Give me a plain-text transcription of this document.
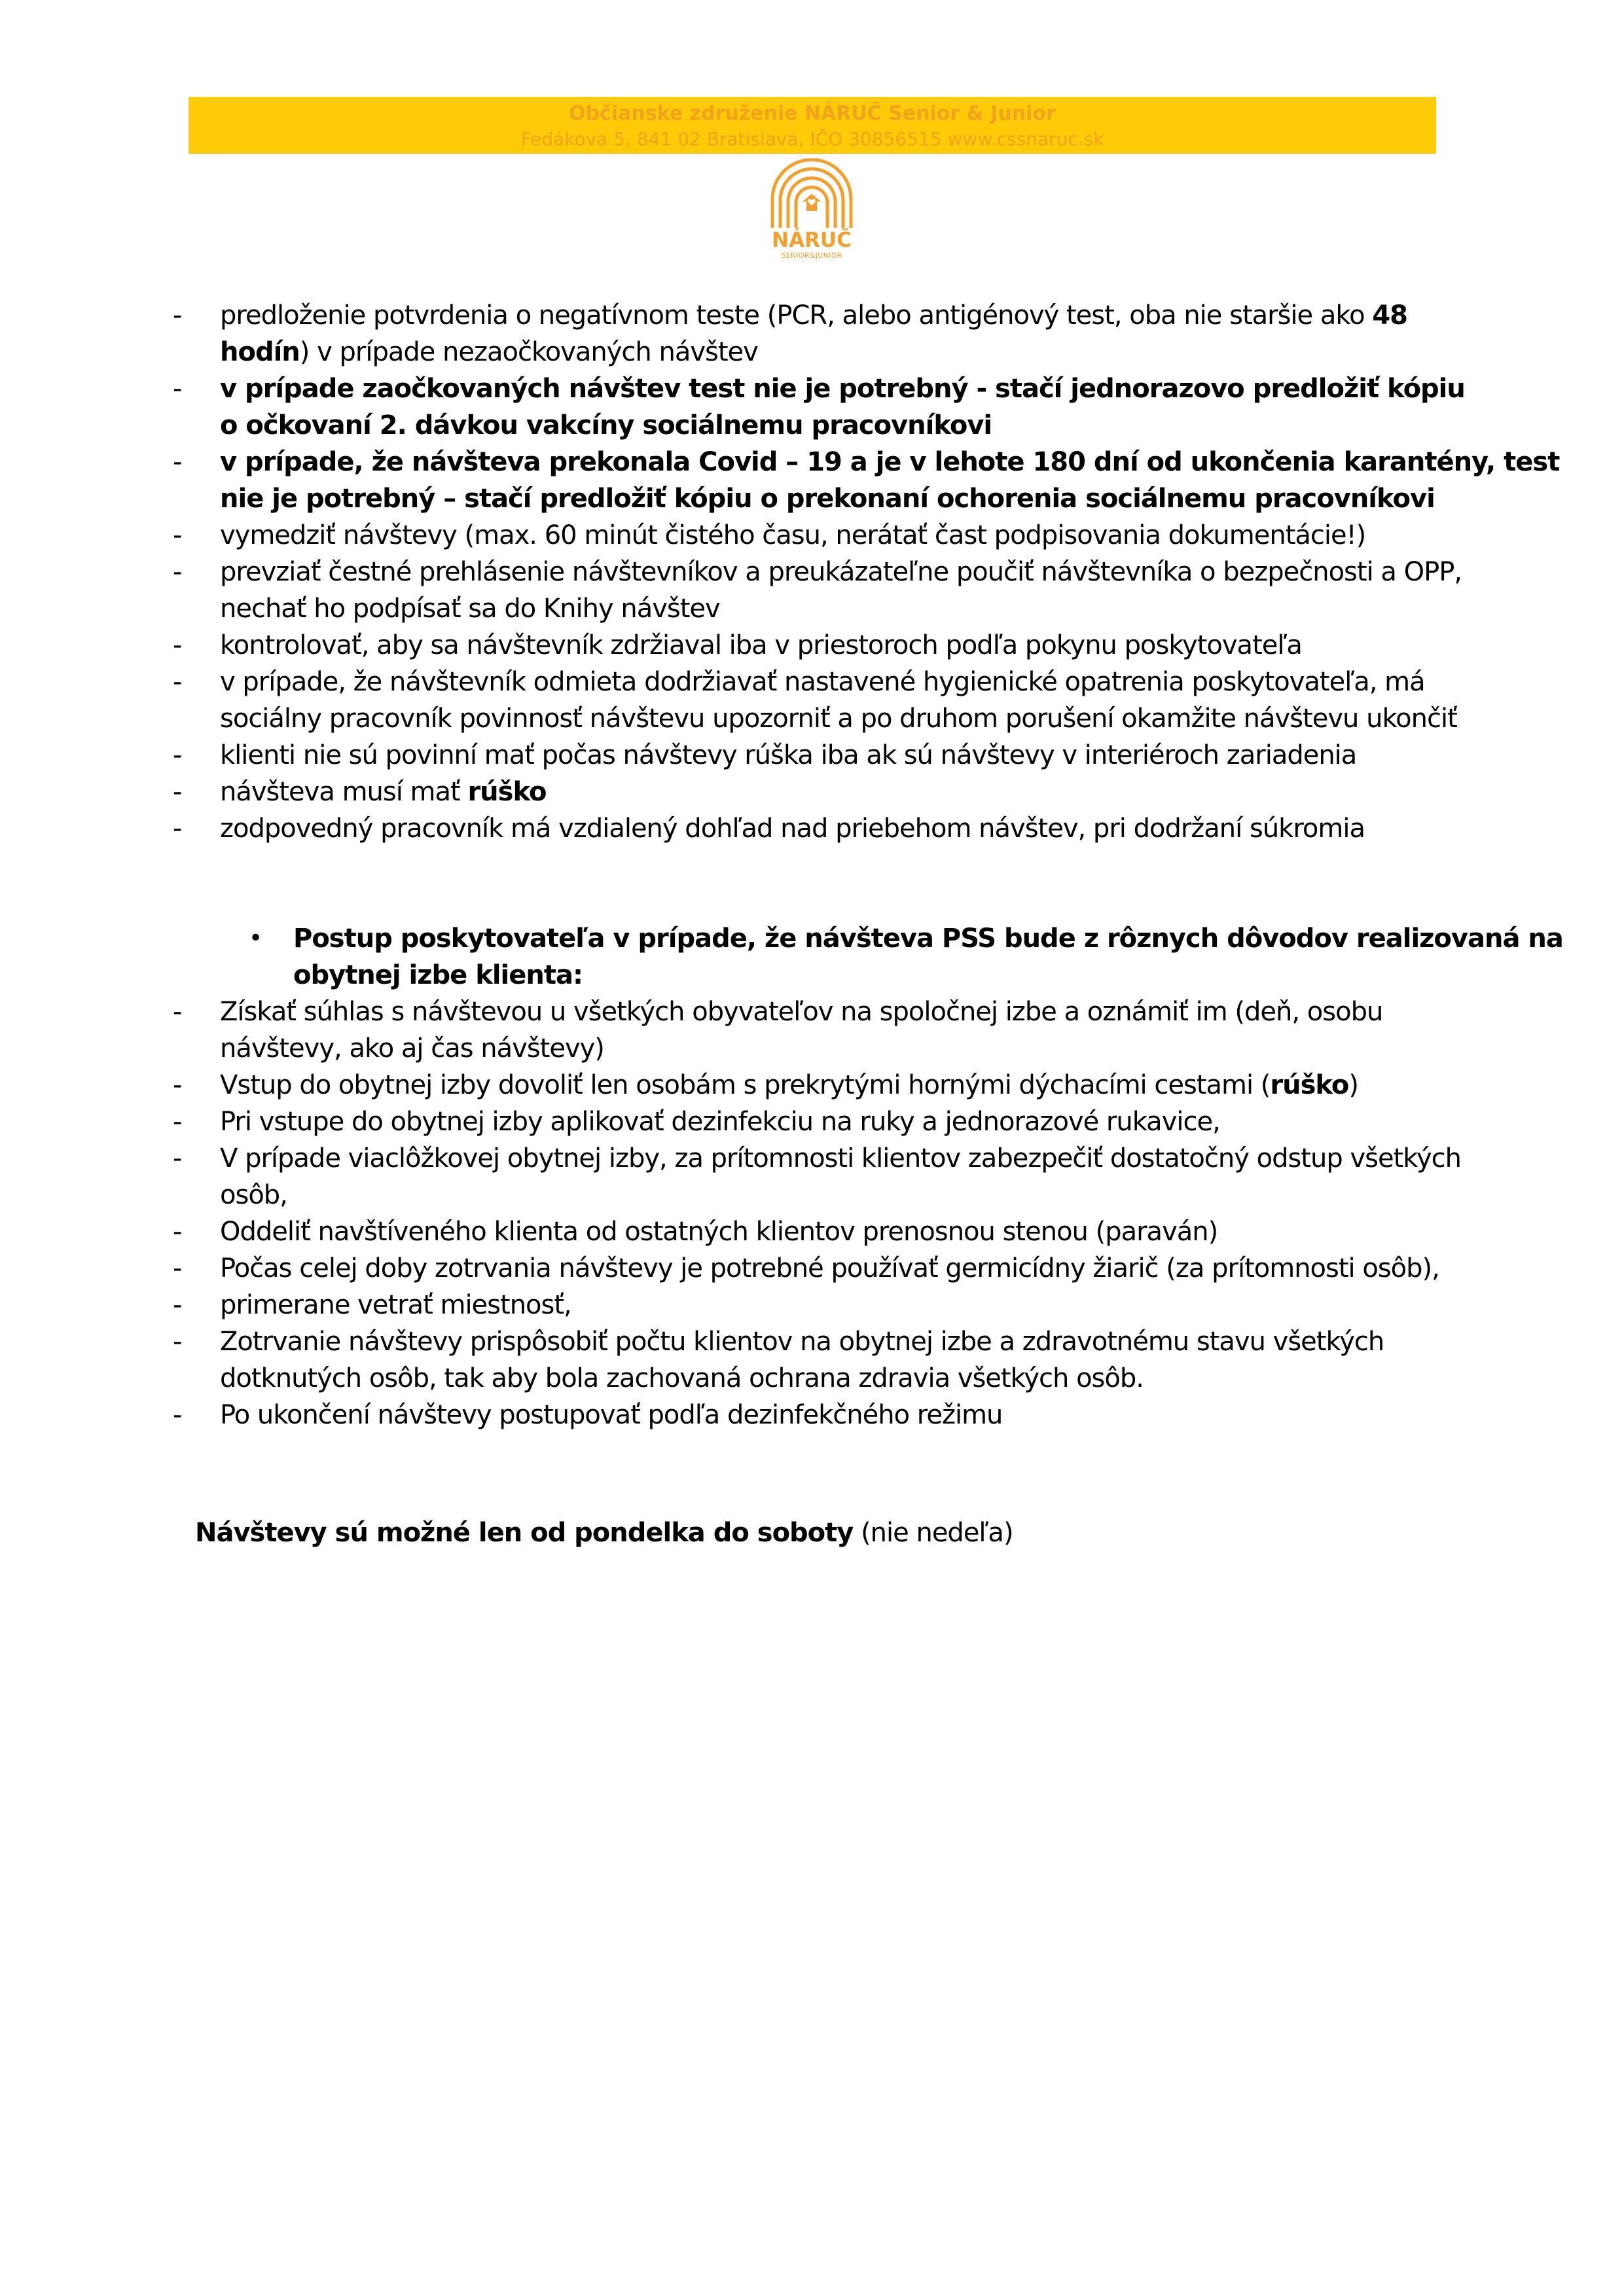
Občianske združenie NÁRUČ Senior & Junior
Fedákova 5, 841 02 Bratislava, IČO 30856515 www.cssnaruc.sk
NÁRUČ
SENIOR&JUNIOR
- predloženie potvrdenia o negatívnom teste (PCR, alebo antigénový test, oba nie staršie ako 48
hodín) v prípade nezaočkovaných návštev
- v prípade zaočkovaných návštev test nie je potrebný - stačí jednorazovo predložiť kópiu
o očkovaní 2. dávkou vakcíny sociálnemu pracovníkovi
- v prípade, že návšteva prekonala Covid – 19 a je v lehote 180 dní od ukončenia karantény, test
nie je potrebný – stačí predložiť kópiu o prekonaní ochorenia sociálnemu pracovníkovi
- vymedziť návštevy (max. 60 minút čistého času, nerátať čast podpisovania dokumentácie!)
- prevziať čestné prehlásenie návštevníkov a preukázateľne poučiť návštevníka o bezpečnosti a OPP,
nechať ho podpísať sa do Knihy návštev
- kontrolovať, aby sa návštevník zdržiaval iba v priestoroch podľa pokynu poskytovateľa
- v prípade, že návštevník odmieta dodržiavať nastavené hygienické opatrenia poskytovateľa, má
sociálny pracovník povinnosť návštevu upozorniť a po druhom porušení okamžite návštevu ukončiť
- klienti nie sú povinní mať počas návštevy rúška iba ak sú návštevy v interiéroch zariadenia
- návšteva musí mať rúško
- zodpovedný pracovník má vzdialený dohľad nad priebehom návštev, pri dodržaní súkromia
• Postup poskytovateľa v prípade, že návšteva PSS bude z rôznych dôvodov realizovaná na
obytnej izbe klienta:
- Získať súhlas s návštevou u všetkých obyvateľov na spoločnej izbe a oznámiť im (deň, osobu
návštevy, ako aj čas návštevy)
- Vstup do obytnej izby dovoliť len osobám s prekrytými hornými dýchacími cestami (rúško)
- Pri vstupe do obytnej izby aplikovať dezinfekciu na ruky a jednorazové rukavice,
- V prípade viaclôžkovej obytnej izby, za prítomnosti klientov zabezpečiť dostatočný odstup všetkých
osôb,
- Oddeliť navštíveného klienta od ostatných klientov prenosnou stenou (paraván)
- Počas celej doby zotrvania návštevy je potrebné používať germicídny žiarič (za prítomnosti osôb),
- primerane vetrať miestnosť,
- Zotrvanie návštevy prispôsobiť počtu klientov na obytnej izbe a zdravotnému stavu všetkých
dotknutých osôb, tak aby bola zachovaná ochrana zdravia všetkých osôb.
- Po ukončení návštevy postupovať podľa dezinfekčného režimu
Návštevy sú možné len od pondelka do soboty (nie nedeľa)
